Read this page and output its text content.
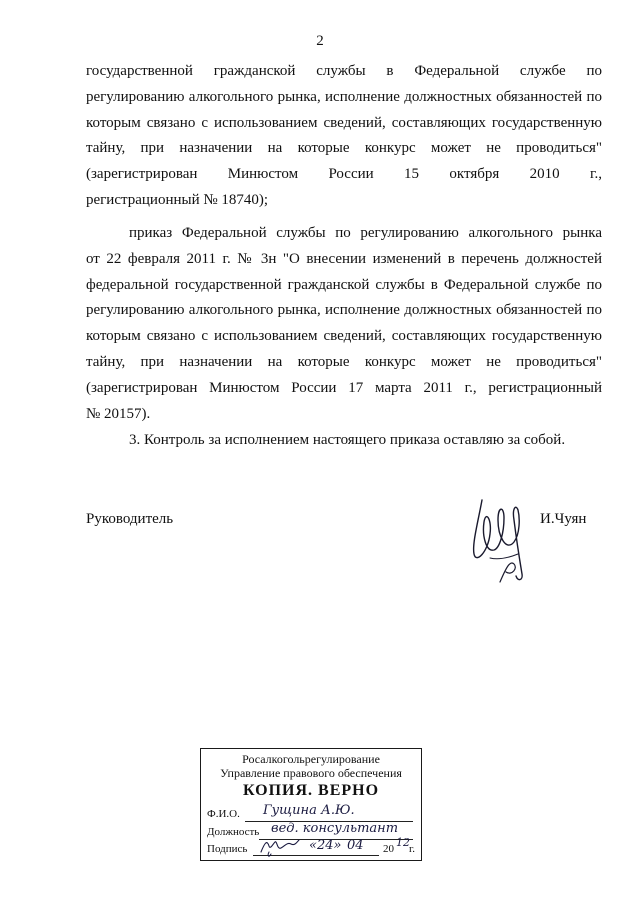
2
государственной гражданской службы в Федеральной службе по
регулированию алкогольного рынка, исполнение должностных обязанностей по
которым связано с использованием сведений, составляющих государственную
тайну, при назначении на которые конкурс может не проводиться"
(зарегистрирован Минюстом России 15 октября 2010 г.,
регистрационный № 18740);
приказ Федеральной службы по регулированию алкогольного рынка
от 22 февраля 2011 г. № 3н "О внесении изменений в перечень должностей
федеральной государственной гражданской службы в Федеральной службе по
регулированию алкогольного рынка, исполнение должностных обязанностей по
которым связано с использованием сведений, составляющих государственную
тайну, при назначении на которые конкурс может не проводиться"
(зарегистрирован Минюстом России 17 марта 2011 г., регистрационный
№ 20157).
3. Контроль за исполнением настоящего приказа оставляю за собой.
Руководитель	И.Чуян
Росалкогольрегулирование
Управление правового обеспечения
КОПИЯ. ВЕРНО
Ф.И.О. Гущина А.Ю.
Должность вед. консультант
Подпись	«24» 04 20 12 г.
